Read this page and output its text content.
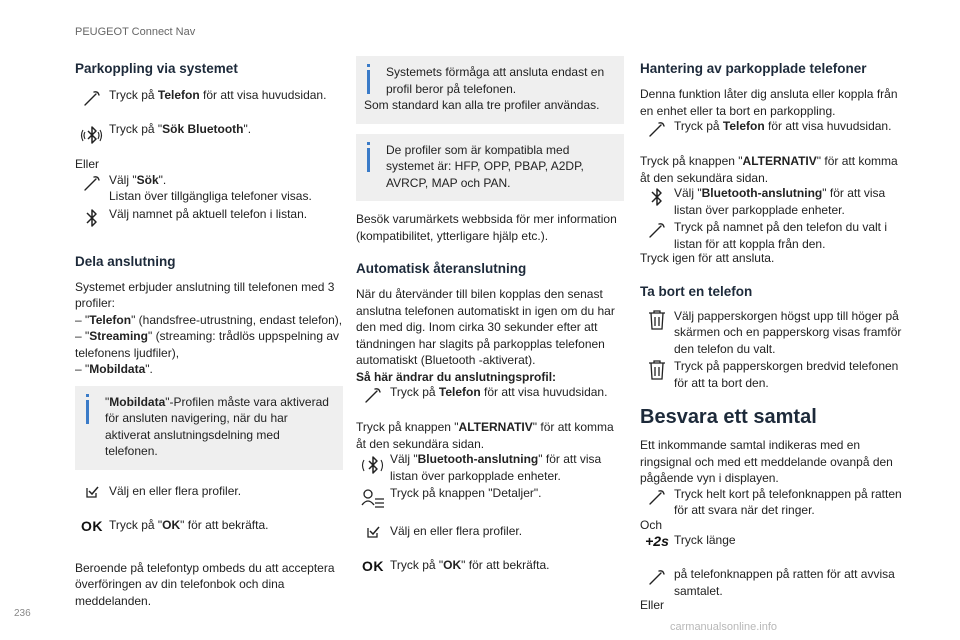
PEUGEOT Connect Nav
Parkoppling via systemet
Tryck på Telefon för att visa huvudsidan.
Tryck på "Sök Bluetooth".

Eller

Välj "Sök".
Listan över tillgängliga telefoner visas.
Välj namnet på aktuell telefon i listan.
Dela anslutning

Systemet erbjuder anslutning till telefonen med 3 profiler:

– "Telefon" (handsfree-utrustning, endast telefon),

– "Streaming" (streaming: trådlös uppspelning av telefonens ljudfiler),

– "Mobildata".

"Mobildata"-Profilen måste vara aktiverad för ansluten navigering, när du har aktiverat anslutningsdelning med telefonen.

Välj en eller flera profiler.
OK Tryck på "OK" för att bekräfta.

Beroende på telefontyp ombeds du att acceptera överföringen av din telefonbok och dina meddelanden.

Systemets förmåga att ansluta endast en profil beror på telefonen.

Som standard kan alla tre profiler användas.

De profiler som är kompatibla med systemet är: HFP, OPP, PBAP, A2DP, AVRCP, MAP och PAN.

Besök varumärkets webbsida för mer information (kompatibilitet, ytterligare hjälp etc.).

Automatisk återanslutning

När du återvänder till bilen kopplas den senast anslutna telefonen automatiskt in igen om du har den med dig. Inom cirka 30 sekunder efter att tändningen har slagits på parkopplas telefonen automatiskt (Bluetooth -aktiverat).

Så här ändrar du anslutningsprofil:

Tryck på Telefon för att visa huvudsidan.

Tryck på knappen "ALTERNATIV" för att komma åt den sekundära sidan.

Välj "Bluetooth-anslutning" för att visa listan över parkopplade enheter.
Tryck på knappen "Detaljer".
Välj en eller flera profiler.
OK Tryck på "OK" för att bekräfta.
Hantering av parkopplade telefoner

Denna funktion låter dig ansluta eller koppla från en enhet eller ta bort en parkoppling.

Tryck på Telefon för att visa huvudsidan.

Tryck på knappen "ALTERNATIV" för att komma åt den sekundära sidan.

Välj "Bluetooth-anslutning" för att visa listan över parkopplade enheter.
Tryck på namnet på den telefon du valt i listan för att koppla från den.

Tryck igen för att ansluta.

Ta bort en telefon
Välj papperskorgen högst upp till höger på skärmen och en papperskorg visas framför den telefon du valt.
Tryck på papperskorgen bredvid telefonen för att ta bort den.
Besvara ett samtal

Ett inkommande samtal indikeras med en ringsignal och med ett meddelande ovanpå den pågående vyn i displayen.

Tryck helt kort på telefonknappen på ratten för att svara när det ringer.

Och

+2s Tryck länge
på telefonknappen på ratten för att avvisa samtalet.

Eller

236
carmanualsonline.info
